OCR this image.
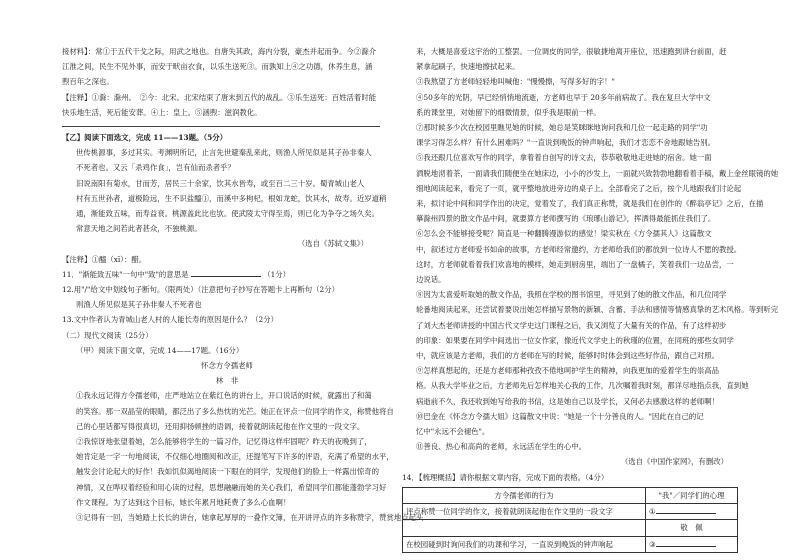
接材料】：常①于五代干戈之际，用武之地也。自唐失其政，海内分裂，豪杰并起而争。今②滁介
江淮之间，民生不见外事，而安于畎亩衣食，以乐生送死③。而孰知上④之功德，休养生息，涵
煦百年之深也。
【注释】①滁：滁州。　②今：北宋。北宋结束了唐末到五代的战乱。③乐生送死：百姓活着时能
快乐地生活，死后能安葬。④上：皇上。⑤涵煦：滋润教化。
【乙】阅读下面选文，完成 11——13题。（5分）
世传桃源事，多过其实。考渊明所记，止言先世避秦乱来此，则渔人所见似是其子孙非秦人
不死者也。又云「杀鸡作食」，岂有仙而杀者乎？
旧说南阳有菊水，甘而芳，居民三十余家，饮其水皆寿，或至百二三十岁。蜀青城山老人
村有五世孙者，道极险远，生不识盐醯①，而溪中多枸杞，根如龙蛇，饮其水，故寿。近岁道稍
通，渐能致五味，而寿益衰。桃源盖此比也欤。使武陵太守得至焉，则已化为争夺之场久矣。
常意天地之间若此者甚众，不独桃源。
（选自《苏轼文集》）
【注释】①醯（xī）：醋。
11．"渐能致五味"一句中"致"的意思是	（1分）
12.用"/"给文中划线句子断句。（限两处）（注意把句子抄写在答题卡上再断句（2分）
则渔人所见似是其子孙非秦人不死者也
13.文中作者认为青城山老人村的人能长寿的原因是什么？（2分）
（二）现代文阅读（25分）
（甲）阅读下面文章，完成 14——17题。（16分）
怀念方令孺老师
林　非
①我永远记得方令孺老师，庄严地站立在紫红色的讲台上，开口说话的时候，就露出了和蔼
的笑容。那一双晶莹的眼睛，都泛出了多么热忱的光芒。她正在评点一位同学的作文，称赞他将自
己的心里话都写得很真切，还用抑扬顿挫的语调，接着就朗读起他在作文里的一段文字。
②我惊讶地张望着她，怎么能够将学生的一篇习作，记忆得这样牢固呢？昨天的夜晚到了，
她肯定是一字一句地阅读，不仅细心地圈阅和改正，还提笔写下许多的评语，充满了希望的水平，
触发会讨论起大的好作！我如饥似渴地阅读一下眼在的同学，发现他们的脸上一样露出惊奇的
神情，又在哗叹着经验和用心读的过程，思想融融而她的关心我们，希望同学们都能蓬勃学习好
作文课程。为了达到这个目标，她长年累月地耗费了多么心血啊！
③记得有一回，当她踏上长长的讲台，她拿起厚厚的一叠作文簿，在开讲评点的许多称赞字，赞赏地点起头
来，大概是喜爱这宇治的工整罢。一位调皮的同学，很敏捷地离开座位，迅速跑到讲台前面，赶
紧拿起刷子，快速地擦拭起来。
③我熬望了方老师轻轻地叫喊他："慢慢擦，写得多好的字！"
④50多年的光阴，早已经悄悄地流逝，方老师也早于 20多年前病故了。我在复旦大学中文
系的课堂里，对她留下的细微情景，似乎我是眼前一样。
⑦那时候多少次在校园里瞧见她的时候，她总是笑眯眯地询问我和几位一起走路的同学"功
课学习得怎么样？有什么困难吗？"一直说到晚饭的钟声响起，我们才恋恋不舍地跟她告别。
⑤我还跟几位喜欢写作的同学，拿着着自创写的诗文去，恭恭敬敬地走进她的宿舍。她一面
洒脱地沏着茶，一面请我们随便坐在她床边，小小的沙发上，一面就兴致勃勃地翻看着手稿，戴上金丝眼镜的她
细地阅读起来，看完了一页，就平整地放进旁边的桌子上。全部看完了之后，按个儿地跟我们讨论起
来，拟讨论中间和同学作出的决定，觉着发了，我们真正称赞，就是我们在创作的《醉翁亭记》之后，在描
摹滁州四景的散文作品中间，就要算方老师撰写的《琅琊山游记》，挥洒得最能抓住我们了。
⑥怎么会不能够接受呢？简直是一种翻腾漫游似的感觉！梁实秋在《方令孺其人》这篇散文
中，叙述过方老师爱书如命的故事，方老师经常邀约，方老师给我们的都放到一位诗人不愿的教授。
这时，方老师就看着我们欢喜地的模样，她走到厨房里，端出了一盘橘子，笑着我们一边品尝，一
边说话。
⑧因为太喜爱听取她的散文作品，我照在学校的图书馆里，寻见到了她的散文作品，和几位同学
轮番地阅读起来，还尝试着要说出她怎样描写景物的新颖、含蓄、手法和感情等情感真挚的艺术风格。等到听完
了刘大杰老师讲授的中国古代文学史这门课程之后，我又浏览了大量有关的作品，有了这样初步
的印象：如果要在同学中间选出一位女作家，像近代文学史上的秋瑾的位置，在同班的那些女同学
中，就应该是方老师，我们的方老师在写的时候，能够时时体会到这些好作品，跟自己对照。
⑨怎样真想起的，还是方老师那种孜孜不倦地呵护学生的精神，向我更加的爱着学生的崇高品
格。从我大学毕业之后，方老师先后怎样地关心我的工作，几次嘱着我时刻，都详尽地指点我，直到她
病逝前不久，我还收到她写给我的书信，这是她自己以及学长，又何必去感激这样的老师啊！
⑩巴金在《怀念方令孺大姐》这篇散文中说："她是一个十分善良的人。"因此在自己的记
忆中"永远不会褪色"。
⑪善良、热心和高尚的老师，永远活在学生的心中。
（选自《中国作家网》，有删改）
14．【梳理概括】请你根据文章内容，完成下面的表格。（4分）
方令孺老师的行为	"我"／同学们的心理
评点称赞一位同学的作文，接着就朗读起他在作文里的一段文字	①
	敬　佩
在校园碰到时询问我们的功课和学习，一直说到晚饭的钟声响起	③
